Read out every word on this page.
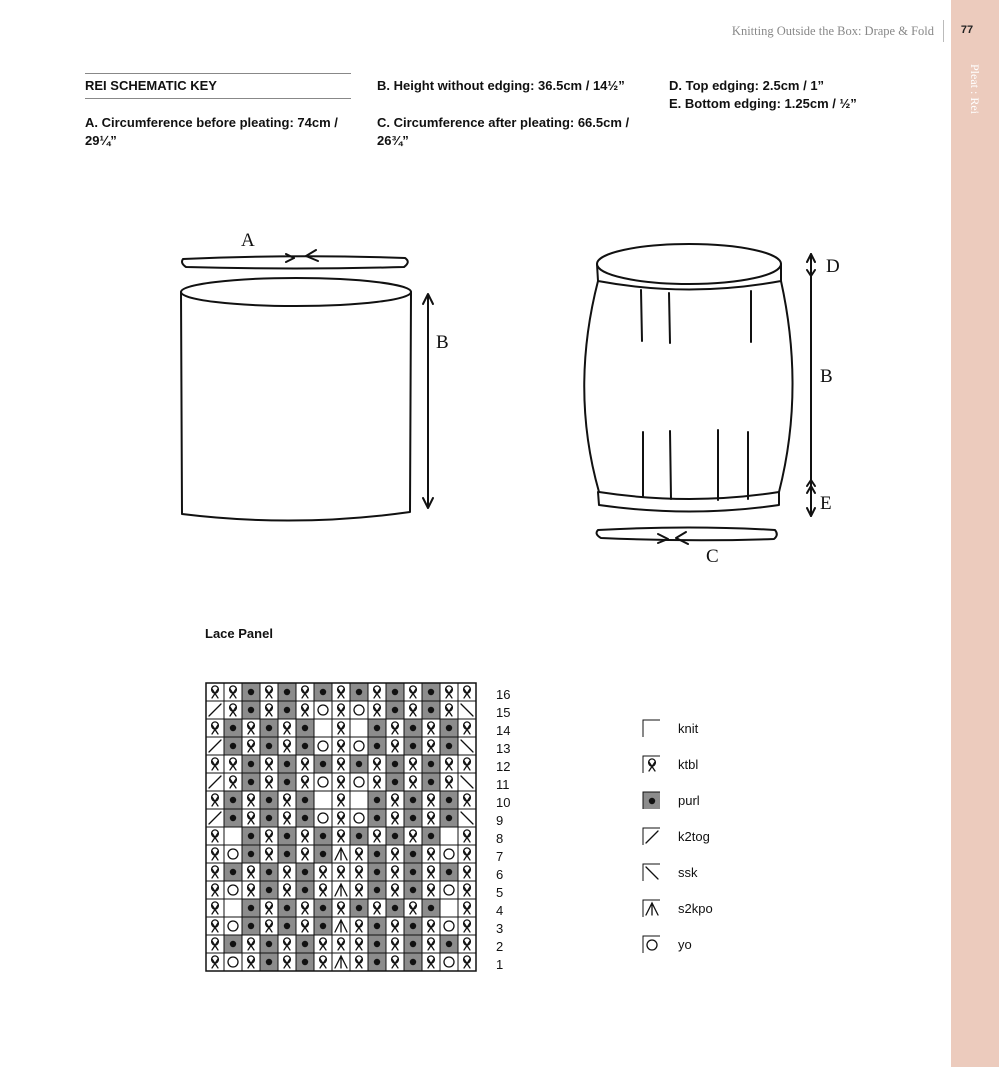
Knitting Outside the Box: Drape & Fold	77
Pleat : Rei
REI SCHEMATIC KEY
A. Circumference before pleating: 74cm / 29¼”
B. Height without edging: 36.5cm / 14½”
C. Circumference after pleating: 66.5cm / 26¾”
D. Top edging: 2.5cm / 1”
E. Bottom edging: 1.25cm / ½”
A
B
D
B
E
C
Lace Panel
1
2
3
4
5
6
7
8
9
10
11
12
13
14
15
16
knit
ktbl
purl
k2tog
ssk
s2kpo
yo
